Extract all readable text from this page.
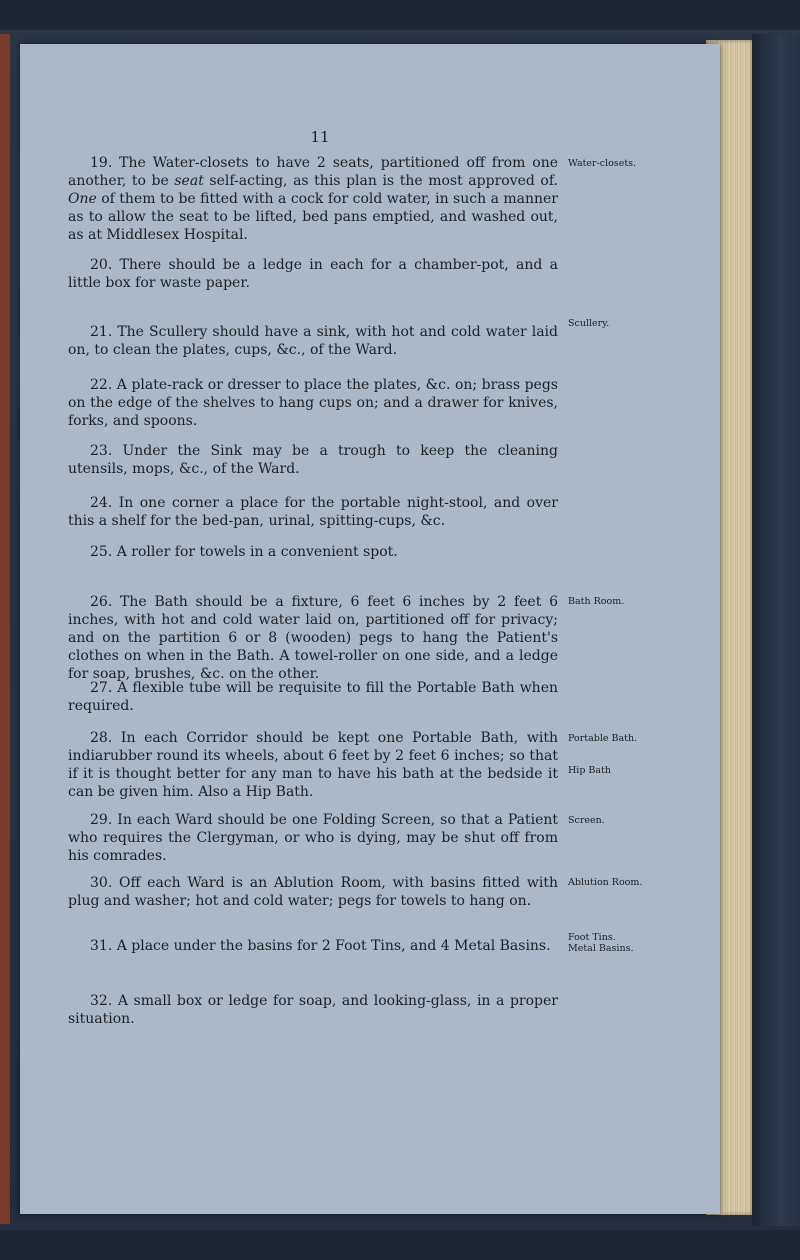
11

19. The Water-closets to have 2 seats, partitioned off from one another, to be seat self-acting, as this plan is the most approved of. One of them to be fitted with a cock for cold water, in such a manner as to allow the seat to be lifted, bed pans emptied, and washed out, as at Middlesex Hospital.

20. There should be a ledge in each for a chamber-pot, and a little box for waste paper.

21. The Scullery should have a sink, with hot and cold water laid on, to clean the plates, cups, &c., of the Ward.

22. A plate-rack or dresser to place the plates, &c. on; brass pegs on the edge of the shelves to hang cups on; and a drawer for knives, forks, and spoons.

23. Under the Sink may be a trough to keep the cleaning utensils, mops, &c., of the Ward.

24. In one corner a place for the portable night-stool, and over this a shelf for the bed-pan, urinal, spitting-cups, &c.

25. A roller for towels in a convenient spot.

26. The Bath should be a fixture, 6 feet 6 inches by 2 feet 6 inches, with hot and cold water laid on, partitioned off for privacy; and on the partition 6 or 8 (wooden) pegs to hang the Patient's clothes on when in the Bath. A towel-roller on one side, and a ledge for soap, brushes, &c. on the other.

27. A flexible tube will be requisite to fill the Portable Bath when required.

28. In each Corridor should be kept one Portable Bath, with indiarubber round its wheels, about 6 feet by 2 feet 6 inches; so that if it is thought better for any man to have his bath at the bedside it can be given him. Also a Hip Bath.

29. In each Ward should be one Folding Screen, so that a Patient who requires the Clergyman, or who is dying, may be shut off from his comrades.

30. Off each Ward is an Ablution Room, with basins fitted with plug and washer; hot and cold water; pegs for towels to hang on.

31. A place under the basins for 2 Foot Tins, and 4 Metal Basins.

32. A small box or ledge for soap, and looking-glass, in a proper situation.

Water-closets.
Scullery.
Bath Room.
Portable Bath.
Hip Bath
Screen.
Ablution Room.
Foot Tins.
Metal Basins.
